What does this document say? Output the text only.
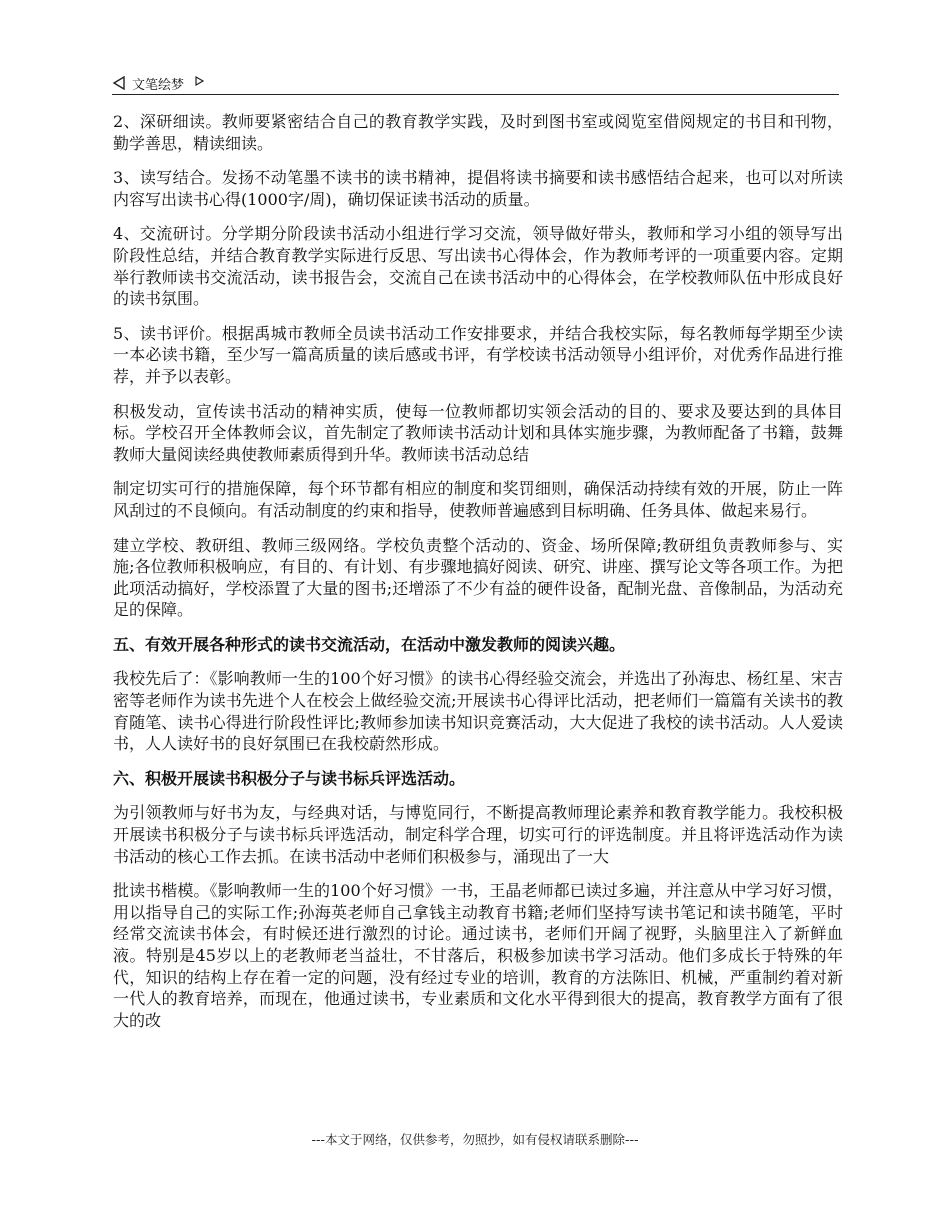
文笔绘梦

2、深研细读。教师要紧密结合自己的教育教学实践，及时到图书室或阅览室借阅规定的书目和刊物，勤学善思，精读细读。

3、读写结合。发扬不动笔墨不读书的读书精神，提倡将读书摘要和读书感悟结合起来，也可以对所读内容写出读书心得(1000字/周)，确切保证读书活动的质量。

4、交流研讨。分学期分阶段读书活动小组进行学习交流，领导做好带头，教师和学习小组的领导写出阶段性总结，并结合教育教学实际进行反思、写出读书心得体会，作为教师考评的一项重要内容。定期举行教师读书交流活动，读书报告会，交流自己在读书活动中的心得体会，在学校教师队伍中形成良好的读书氛围。

5、读书评价。根据禹城市教师全员读书活动工作安排要求，并结合我校实际，每名教师每学期至少读一本必读书籍，至少写一篇高质量的读后感或书评，有学校读书活动领导小组评价，对优秀作品进行推荐，并予以表彰。

积极发动，宣传读书活动的精神实质，使每一位教师都切实领会活动的目的、要求及要达到的具体目标。学校召开全体教师会议，首先制定了教师读书活动计划和具体实施步骤，为教师配备了书籍，鼓舞教师大量阅读经典使教师素质得到升华。教师读书活动总结

制定切实可行的措施保障，每个环节都有相应的制度和奖罚细则，确保活动持续有效的开展，防止一阵风刮过的不良倾向。有活动制度的约束和指导，使教师普遍感到目标明确、任务具体、做起来易行。

建立学校、教研组、教师三级网络。学校负责整个活动的、资金、场所保障;教研组负责教师参与、实施;各位教师积极响应，有目的、有计划、有步骤地搞好阅读、研究、讲座、撰写论文等各项工作。为把此项活动搞好，学校添置了大量的图书;还增添了不少有益的硬件设备，配制光盘、音像制品，为活动充足的保障。

五、有效开展各种形式的读书交流活动，在活动中激发教师的阅读兴趣。

我校先后了：《影响教师一生的100个好习惯》的读书心得经验交流会，并选出了孙海忠、杨红星、宋吉密等老师作为读书先进个人在校会上做经验交流;开展读书心得评比活动，把老师们一篇篇有关读书的教育随笔、读书心得进行阶段性评比;教师参加读书知识竞赛活动，大大促进了我校的读书活动。人人爱读书，人人读好书的良好氛围已在我校蔚然形成。

六、积极开展读书积极分子与读书标兵评选活动。

为引领教师与好书为友，与经典对话，与博览同行，不断提高教师理论素养和教育教学能力。我校积极开展读书积极分子与读书标兵评选活动，制定科学合理，切实可行的评选制度。并且将评选活动作为读书活动的核心工作去抓。在读书活动中老师们积极参与，涌现出了一大

批读书楷模。《影响教师一生的100个好习惯》一书，王晶老师都已读过多遍，并注意从中学习好习惯，用以指导自己的实际工作;孙海英老师自己拿钱主动教育书籍;老师们坚持写读书笔记和读书随笔，平时经常交流读书体会，有时候还进行激烈的讨论。通过读书，老师们开阔了视野，头脑里注入了新鲜血液。特别是45岁以上的老教师老当益壮，不甘落后，积极参加读书学习活动。他们多成长于特殊的年代，知识的结构上存在着一定的问题，没有经过专业的培训，教育的方法陈旧、机械，严重制约着对新一代人的教育培养，而现在，他通过读书，专业素质和文化水平得到很大的提高，教育教学方面有了很大的改

---本文于网络，仅供参考，勿照抄，如有侵权请联系删除---
